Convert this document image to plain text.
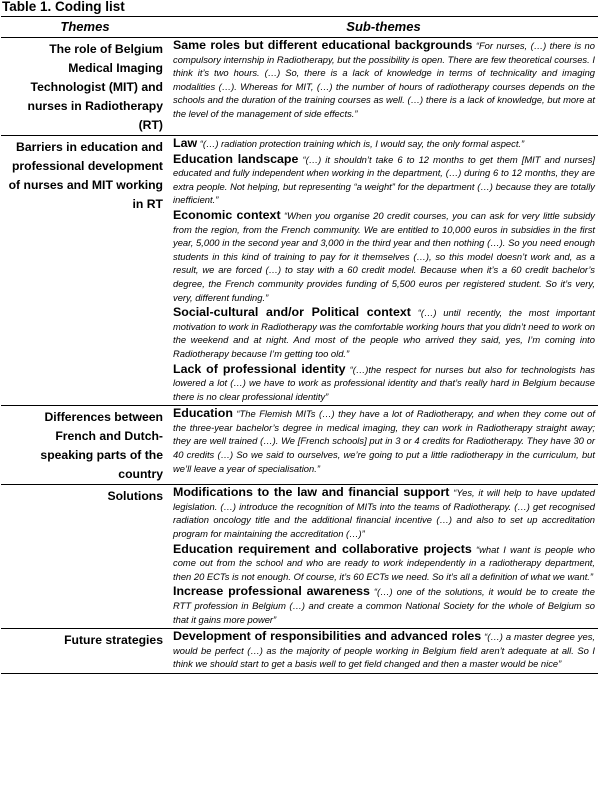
Table 1. Coding list
Themes	Sub-themes
The role of Belgium Medical Imaging Technologist (MIT) and nurses in Radiotherapy (RT)	Same roles but different educational backgrounds “For nurses, (…) there is no compulsory internship in Radiotherapy, but the possibility is open. There are few theoretical courses. I think it’s two hours. (…) So, there is a lack of knowledge in terms of technicality and imaging modalities (…). Whereas for MIT, (…) the number of hours of radiotherapy courses depends on the schools and the duration of the training courses as well. (…) there is a lack of knowledge, but more at the level of the management of side effects.”

Barriers in education and professional development of nurses and MIT working in RT	Law “(…) radiation protection training which is, I would say, the only formal aspect.”

Education landscape “(…) it shouldn’t take 6 to 12 months to get them [MIT and nurses] educated and fully independent when working in the department, (…) during 6 to 12 months, they are extra people. Not helping, but representing “a weight” for the department (…) because they are totally inefficient.”

Economic context “When you organise 20 credit courses, you can ask for very little subsidy from the region, from the French community. We are entitled to 10,000 euros in subsidies in the first year, 5,000 in the second year and 3,000 in the third year and then nothing (…). So you need enough students in this kind of training to pay for it themselves (…), so this model doesn’t work and, as a result, we are forced (…) to stay with a 60 credit model. Because when it’s a 60 credit bachelor’s degree, the French community provides funding of 5,500 euros per registered student. So it’s very, very, different funding.”

Social-cultural and/or Political context “(…) until recently, the most important motivation to work in Radiotherapy was the comfortable working hours that you didn’t need to work on the weekend and at night. And most of the people who arrived they said, yes, I’m coming into Radiotherapy because I’m getting too old.”

Lack of professional identity “(…)the respect for nurses but also for technologists has lowered a lot (…) we have to work as professional identity and that’s really hard in Belgium because there is no clear professional identity”

Differences between French and Dutch-speaking parts of the country	Education “The Flemish MITs (…) they have a lot of Radiotherapy, and when they come out of the three-year bachelor’s degree in medical imaging, they can work in Radiotherapy straight away; they are well trained (…). We [French schools] put in 3 or 4 credits for Radiotherapy. They have 30 or 40 credits (…) So we said to ourselves, we’re going to put a little radiotherapy in the curriculum, but we’ll leave a year of specialisation.”

Solutions	Modifications to the law and financial support “Yes, it will help to have updated legislation. (…) introduce the recognition of MITs into the teams of Radiotherapy. (…) get recognised radiation oncology title and the additional financial incentive (…) and also to set up accreditation program for maintaining the accreditation (…)”

Education requirement and collaborative projects “what I want is people who come out from the school and who are ready to work independently in a radiotherapy department, then 20 ECTs is not enough. Of course, it’s 60 ECTs we need. So it’s all a definition of what we want.”

Increase professional awareness “(…) one of the solutions, it would be to create the RTT profession in Belgium (…) and create a common National Society for the whole of Belgium so that it gains more power”

Future strategies	Development of responsibilities and advanced roles “(…) a master degree yes, would be perfect (…) as the majority of people working in Belgium field aren’t adequate at all. So I think we should start to get a basis well to get field changed and then a master would be nice”
